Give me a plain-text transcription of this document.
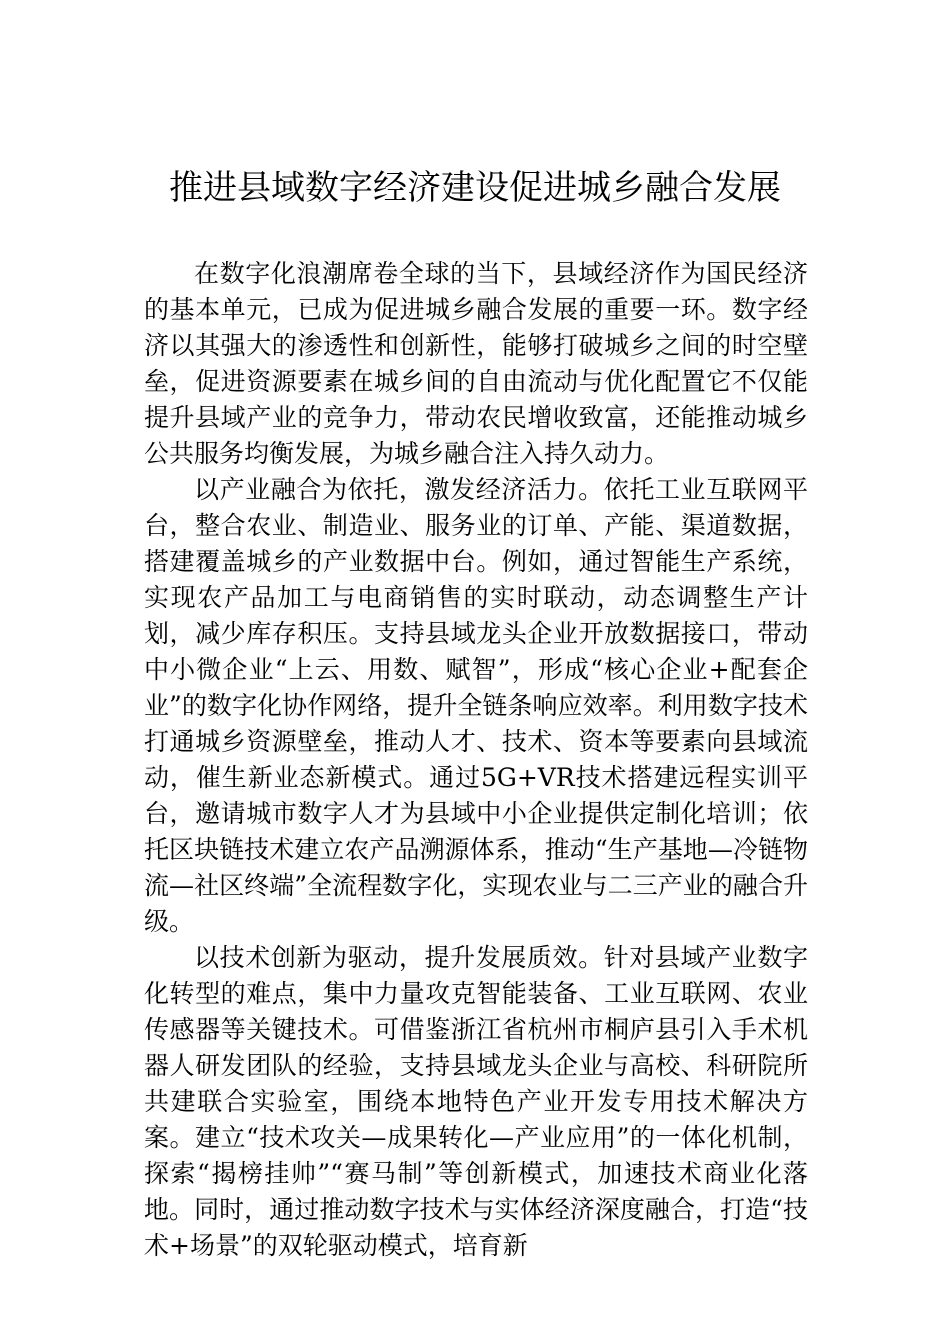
推进县域数字经济建设促进城乡融合发展

在数字化浪潮席卷全球的当下，县域经济作为国民经济的基本单元，已成为促进城乡融合发展的重要一环。数字经济以其强大的渗透性和创新性，能够打破城乡之间的时空壁垒，促进资源要素在城乡间的自由流动与优化配置它不仅能提升县域产业的竞争力，带动农民增收致富，还能推动城乡公共服务均衡发展，为城乡融合注入持久动力。

以产业融合为依托，激发经济活力。依托工业互联网平台，整合农业、制造业、服务业的订单、产能、渠道数据，搭建覆盖城乡的产业数据中台。例如，通过智能生产系统，实现农产品加工与电商销售的实时联动，动态调整生产计划，减少库存积压。支持县域龙头企业开放数据接口，带动中小微企业“上云、用数、赋智”，形成“核心企业+配套企业”的数字化协作网络，提升全链条响应效率。利用数字技术打通城乡资源壁垒，推动人才、技术、资本等要素向县域流动，催生新业态新模式。通过5G+VR技术搭建远程实训平台，邀请城市数字人才为县域中小企业提供定制化培训；依托区块链技术建立农产品溯源体系，推动“生产基地—冷链物流—社区终端”全流程数字化，实现农业与二三产业的融合升级。

以技术创新为驱动，提升发展质效。针对县域产业数字化转型的难点，集中力量攻克智能装备、工业互联网、农业传感器等关键技术。可借鉴浙江省杭州市桐庐县引入手术机器人研发团队的经验，支持县域龙头企业与高校、科研院所共建联合实验室，围绕本地特色产业开发专用技术解决方案。建立“技术攻关—成果转化—产业应用”的一体化机制，探索“揭榜挂帅”“赛马制”等创新模式，加速技术商业化落地。同时，通过推动数字技术与实体经济深度融合，打造“技术+场景”的双轮驱动模式，培育新
